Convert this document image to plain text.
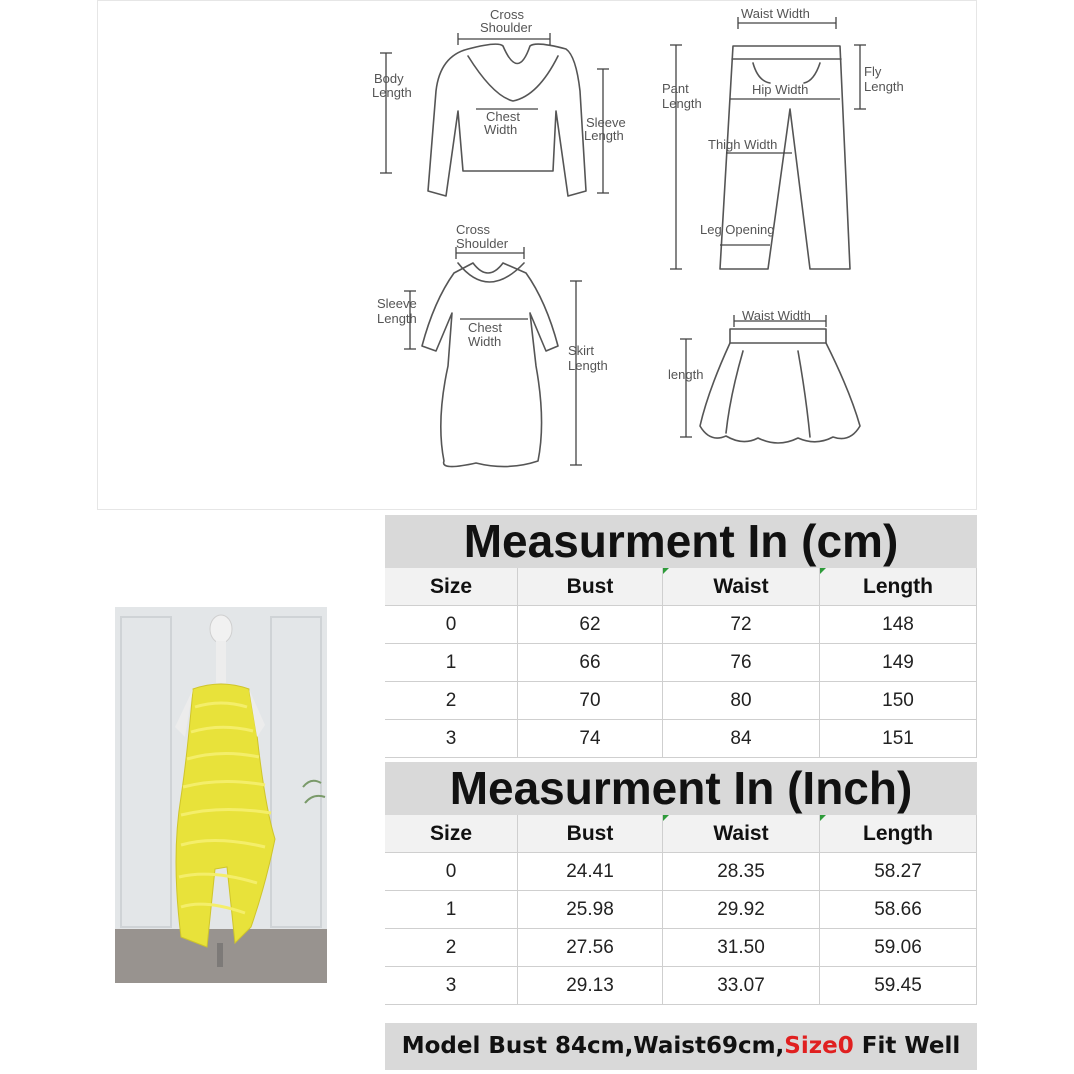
Cross
Shoulder
Body
Length
Chest
Width	Sleeve
Length
Waist Width
Pant
Length
Fly
Length
Hip Width
Thigh Width
Leg Opening
Cross
Shoulder
Sleeve
Length
Chest
Width
Skirt
Length
Waist Width
length
Measurment In (cm)
Size	Bust	Waist	Length
0	62	72	148
1	66	76	149
2	70	80	150
3	74	84	151
Measurment In (Inch)
Size	Bust	Waist	Length
0	24.41	28.35	58.27
1	25.98	29.92	58.66
2	27.56	31.50	59.06
3	29.13	33.07	59.45
Model Bust 84cm,Waist69cm,Size0 Fit Well
